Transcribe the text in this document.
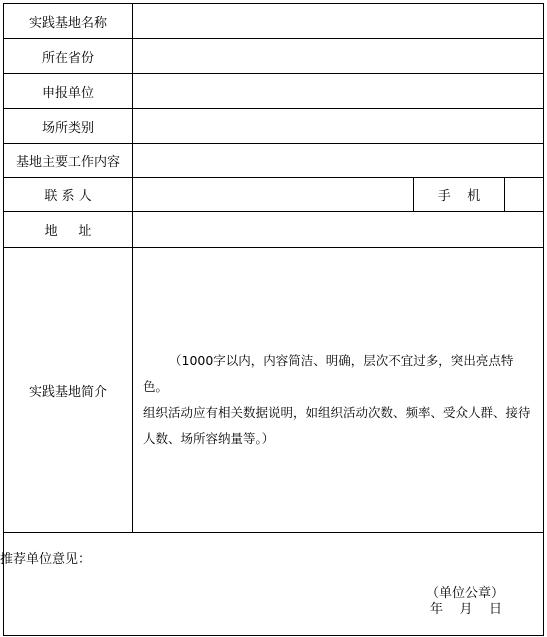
实践基地名称
所在省份
申报单位
场所类别
基地主要工作内容
联 系 人	手    机
地     址
实践基地简介
（1000字以内，内容简洁、明确，层次不宜过多，突出亮点特色。
组织活动应有相关数据说明，如组织活动次数、频率、受众人群、接待
人数、场所容纳量等。）
推荐单位意见：
（单位公章）
年    月    日
